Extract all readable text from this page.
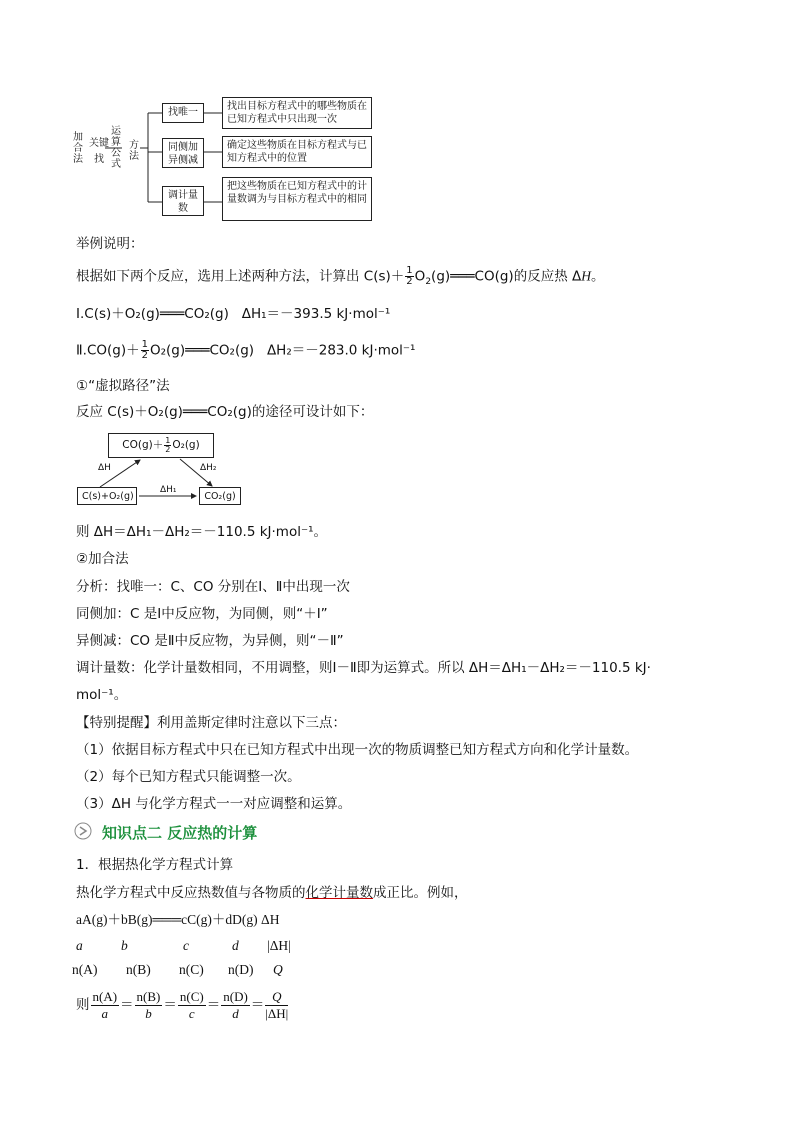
加合法
关键
找
运算公式
方法
找唯一
找出目标方程式中的哪些物质在已知方程式中只出现一次
同侧加异侧减
确定这些物质在目标方程式与已知方程式中的位置
调计量数
把这些物质在已知方程式中的计量数调为与目标方程式中的相同
举例说明：
根据如下两个反应，选用上述两种方法，计算出 $C(s)+ \frac{1}{2}$ $O_2(g)═══CO(g)$的反应热 ΔH。
Ⅰ.C(s)＋O₂(g)═══CO₂(g) ΔH₁＝－393.5 kJ·mol⁻¹
Ⅱ.CO(g)＋ $\frac{1}{2}$ O₂(g)═══CO₂(g) ΔH₂＝－283.0 kJ·mol⁻¹
①“虚拟路径”法
反应 C(s)＋O₂(g)═══CO₂(g)的途径可设计如下：
$CO(g)+ \frac{1}{2} O_2(g)$
C(s)+O₂(g)	CO₂(g)
ΔH	ΔH₂
ΔH₁
则 ΔH＝ΔH₁－ΔH₂＝－110.5 kJ·mol⁻¹。
②加合法
分析：找唯一：C、CO 分别在Ⅰ、Ⅱ中出现一次
同侧加：C 是Ⅰ中反应物，为同侧，则“＋Ⅰ”
异侧减：CO 是Ⅱ中反应物，为异侧，则“－Ⅱ”
调计量数：化学计量数相同，不用调整，则Ⅰ－Ⅱ即为运算式。所以 ΔH＝ΔH₁－ΔH₂＝－110.5 kJ·
mol⁻¹。
【特别提醒】利用盖斯定律时注意以下三点：
（1）依据目标方程式中只在已知方程式中出现一次的物质调整已知方程式方向和化学计量数。
（2）每个已知方程式只能调整一次。
（3）ΔH 与化学方程式一一对应调整和运算。
知识点二 反应热的计算
1．根据热化学方程式计算
热化学方程式中反应热数值与各物质的化学计量数成正比。例如，
aA(g)＋bB(g)═══cC(g)＋dD(g) ΔH
a	b	c	d |ΔH|
n(A) n(B) n(C) n(D) Q
则 $\frac{n(A)}{a} = \frac{n(B)}{b} = \frac{n(C)}{c} = \frac{n(D)}{d} = \frac{Q}{|\Delta H|}$
